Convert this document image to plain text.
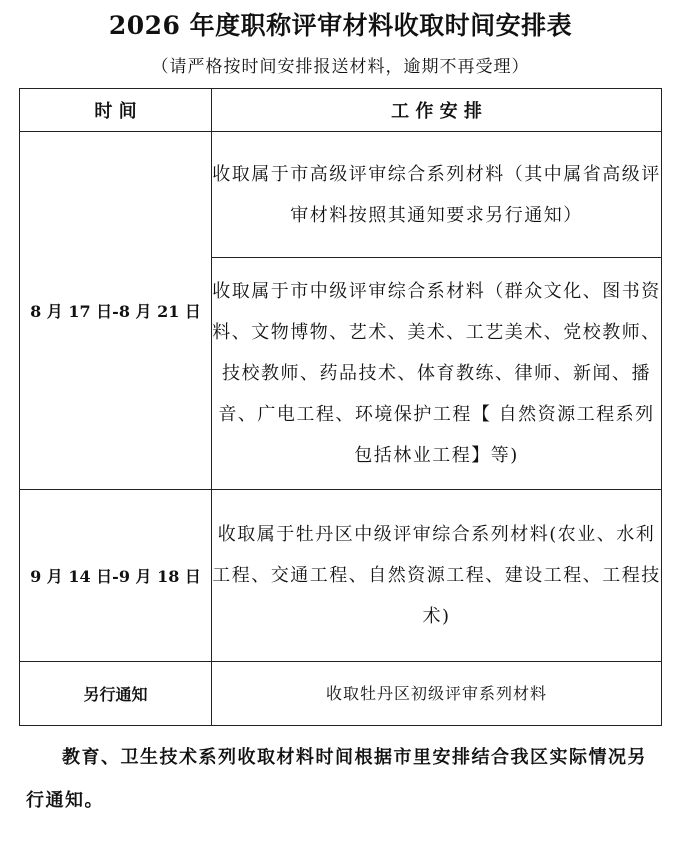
2026 年度职称评审材料收取时间安排表
（请严格按时间安排报送材料，逾期不再受理）
时 间	工 作 安 排
8 月 17 日-8 月 21 日	收取属于市高级评审综合系列材料（其中属省高级评审材料按照其通知要求另行通知）
	收取属于市中级评审综合系材料（群众文化、图书资料、文物博物、艺术、美术、工艺美术、党校教师、技校教师、药品技术、体育教练、律师、新闻、播音、广电工程、环境保护工程【 自然资源工程系列包括林业工程】等)
9 月 14 日-9 月 18 日	收取属于牡丹区中级评审综合系列材料(农业、水利工程、交通工程、自然资源工程、建设工程、工程技术)
另行通知	收取牡丹区初级评审系列材料
教育、卫生技术系列收取材料时间根据市里安排结合我区实际情况另行通知。
